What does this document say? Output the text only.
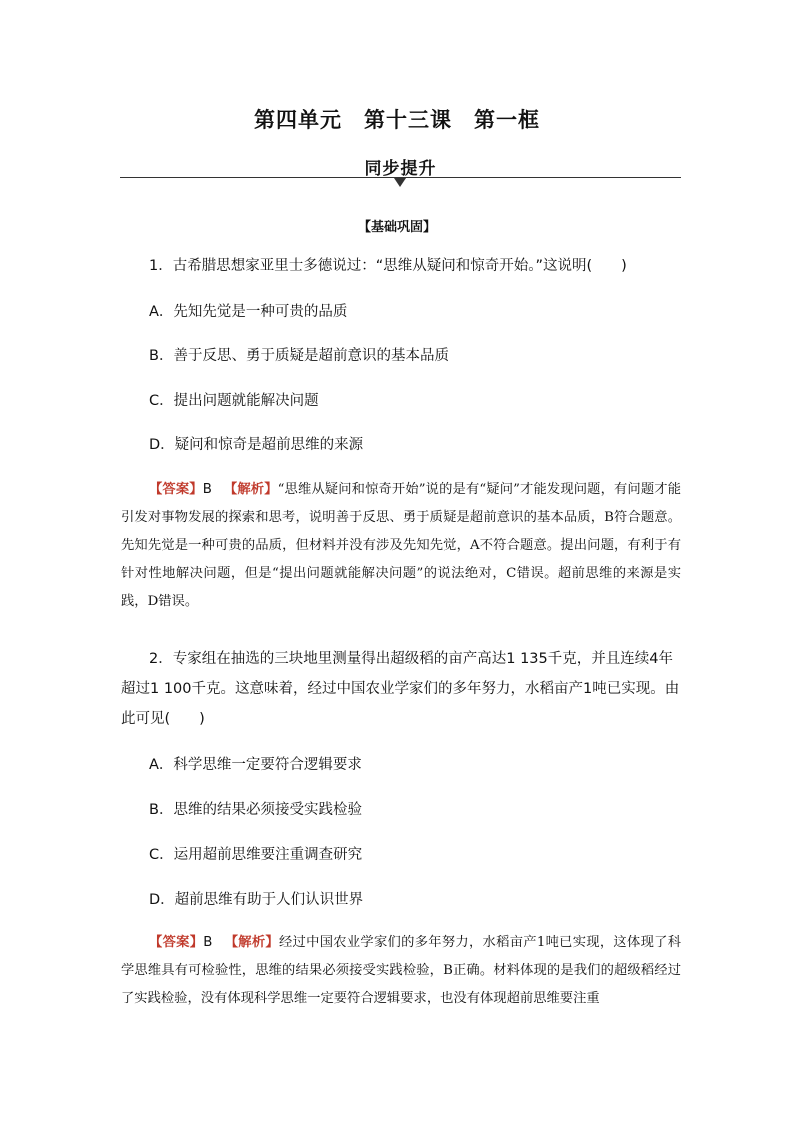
第四单元　第十三课　第一框
同步提升
【基础巩固】
1．古希腊思想家亚里士多德说过：“思维从疑问和惊奇开始。”这说明(　　)
A．先知先觉是一种可贵的品质
B．善于反思、勇于质疑是超前意识的基本品质
C．提出问题就能解决问题
D．疑问和惊奇是超前思维的来源
【答案】B 【解析】“思维从疑问和惊奇开始”说的是有“疑问”才能发现问题，有问题才能引发对事物发展的探索和思考，说明善于反思、勇于质疑是超前意识的基本品质，B符合题意。先知先觉是一种可贵的品质，但材料并没有涉及先知先觉，A不符合题意。提出问题，有利于有针对性地解决问题，但是“提出问题就能解决问题”的说法绝对，C错误。超前思维的来源是实践，D错误。
2．专家组在抽选的三块地里测量得出超级稻的亩产高达1 135千克，并且连续4年超过1 100千克。这意味着，经过中国农业学家们的多年努力，水稻亩产1吨已实现。由此可见(　　)
A．科学思维一定要符合逻辑要求
B．思维的结果必须接受实践检验
C．运用超前思维要注重调查研究
D．超前思维有助于人们认识世界
【答案】B 【解析】经过中国农业学家们的多年努力，水稻亩产1吨已实现，这体现了科学思维具有可检验性，思维的结果必须接受实践检验，B正确。材料体现的是我们的超级稻经过了实践检验，没有体现科学思维一定要符合逻辑要求，也没有体现超前思维要注重
